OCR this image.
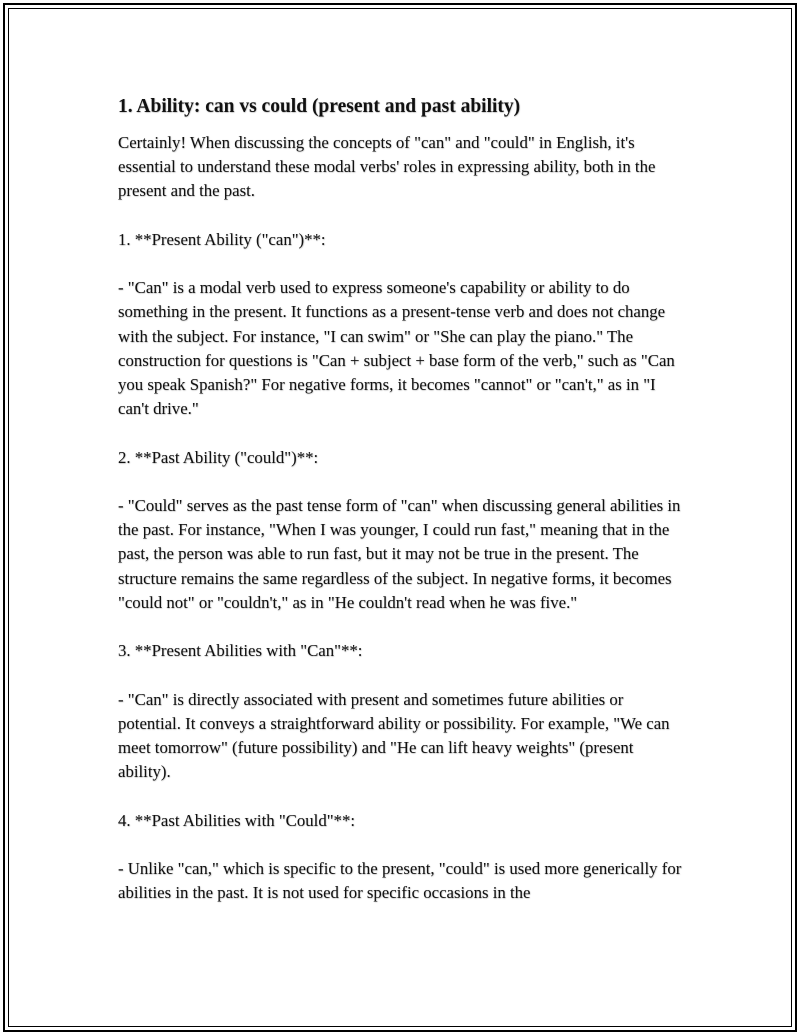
1. Ability: can vs could (present and past ability)

Certainly! When discussing the concepts of "can" and "could" in English, it's essential to understand these modal verbs' roles in expressing ability, both in the present and the past.

1. **Present Ability ("can")**:

- "Can" is a modal verb used to express someone's capability or ability to do something in the present. It functions as a present-tense verb and does not change with the subject. For instance, "I can swim" or "She can play the piano." The construction for questions is "Can + subject + base form of the verb," such as "Can you speak Spanish?" For negative forms, it becomes "cannot" or "can't," as in "I can't drive."

2. **Past Ability ("could")**:

- "Could" serves as the past tense form of "can" when discussing general abilities in the past. For instance, "When I was younger, I could run fast," meaning that in the past, the person was able to run fast, but it may not be true in the present. The structure remains the same regardless of the subject. In negative forms, it becomes "could not" or "couldn't," as in "He couldn't read when he was five."

3. **Present Abilities with "Can"**:

- "Can" is directly associated with present and sometimes future abilities or potential. It conveys a straightforward ability or possibility. For example, "We can meet tomorrow" (future possibility) and "He can lift heavy weights" (present ability).

4. **Past Abilities with "Could"**:

- Unlike "can," which is specific to the present, "could" is used more generically for abilities in the past. It is not used for specific occasions in the
